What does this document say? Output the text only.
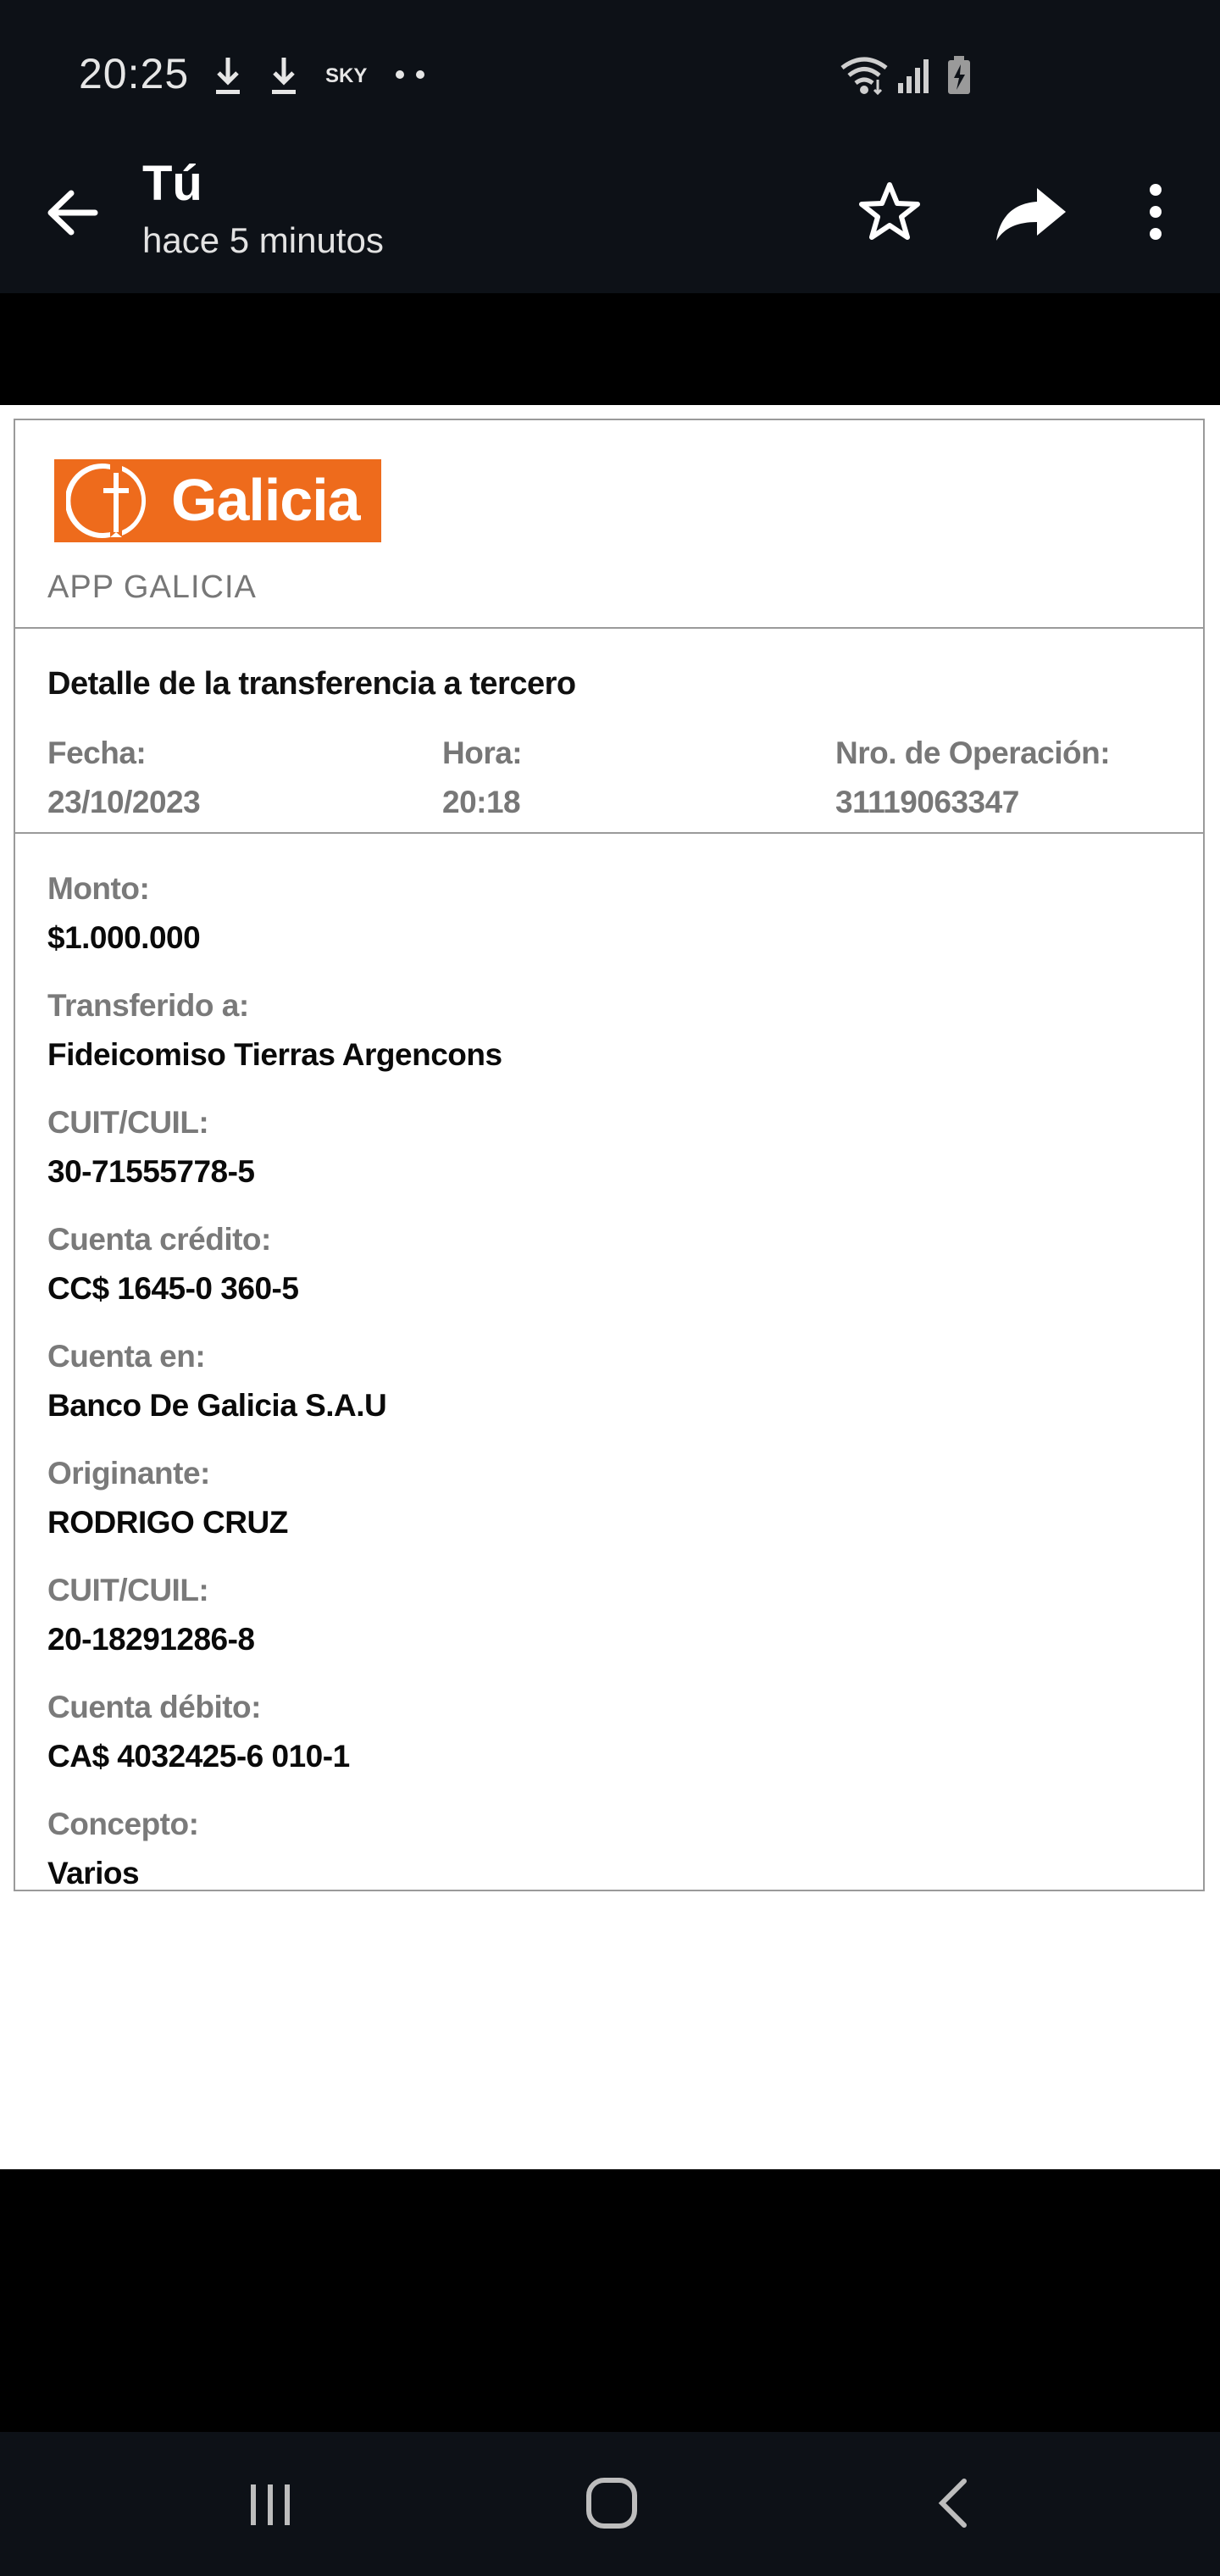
20:25	SKY
Tú
hace 5 minutos
Galicia
APP GALICIA
Detalle de la transferencia a tercero
Fecha:
23/10/2023
Hora:
20:18
Nro. de Operación:
31119063347
Monto:
$1.000.000
Transferido a:
Fideicomiso Tierras Argencons
CUIT/CUIL:
30-71555778-5
Cuenta crédito:
CC$ 1645-0 360-5
Cuenta en:
Banco De Galicia S.A.U
Originante:
RODRIGO CRUZ
CUIT/CUIL:
20-18291286-8
Cuenta débito:
CA$ 4032425-6 010-1
Concepto:
Varios
